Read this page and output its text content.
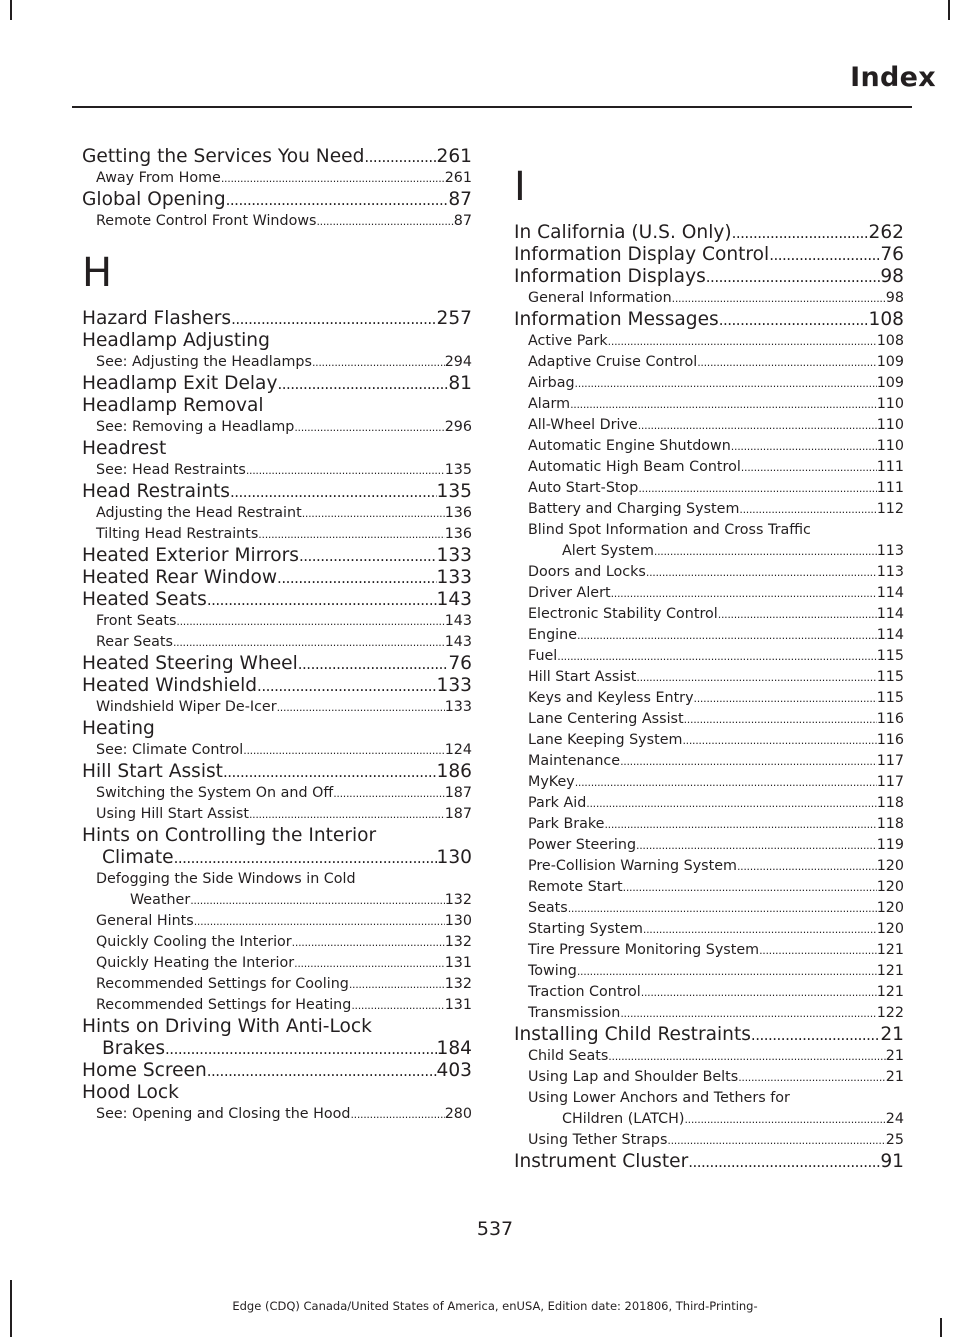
Index
Getting the Services You Need .....	261
Away From Home .....	261
Global Opening .....	87
Remote Control Front Windows .....	87
H
Hazard Flashers .....	257
Headlamp Adjusting
See: Adjusting the Headlamps .....	294
Headlamp Exit Delay .....	81
Headlamp Removal
See: Removing a Headlamp .....	296
Headrest
See: Head Restraints .....	135
Head Restraints .....	135
Adjusting the Head Restraint .....	136
Tilting Head Restraints .....	136
Heated Exterior Mirrors .....	133
Heated Rear Window .....	133
Heated Seats .....	143
Front Seats .....	143
Rear Seats .....	143
Heated Steering Wheel .....	76
Heated Windshield .....	133
Windshield Wiper De-Icer .....	133
Heating
See: Climate Control .....	124
Hill Start Assist .....	186
Switching the System On and Off .....	187
Using Hill Start Assist .....	187
Hints on Controlling the Interior
Climate .....	130
Defogging the Side Windows in Cold
Weather .....	132
General Hints .....	130
Quickly Cooling the Interior .....	132
Quickly Heating the Interior .....	131
Recommended Settings for Cooling .....	132
Recommended Settings for Heating .....	131
Hints on Driving With Anti-Lock
Brakes .....	184
Home Screen .....	403
Hood Lock
See: Opening and Closing the Hood .....	280
I
In California (U.S. Only) .....	262
Information Display Control .....	76
Information Displays .....	98
General Information .....	98
Information Messages .....	108
Active Park .....	108
Adaptive Cruise Control .....	109
Airbag .....	109
Alarm .....	110
All-Wheel Drive .....	110
Automatic Engine Shutdown .....	110
Automatic High Beam Control .....	111
Auto Start-Stop .....	111
Battery and Charging System .....	112
Blind Spot Information and Cross Traffic
Alert System .....	113
Doors and Locks .....	113
Driver Alert .....	114
Electronic Stability Control .....	114
Engine .....	114
Fuel .....	115
Hill Start Assist .....	115
Keys and Keyless Entry .....	115
Lane Centering Assist .....	116
Lane Keeping System .....	116
Maintenance .....	117
MyKey .....	117
Park Aid .....	118
Park Brake .....	118
Power Steering .....	119
Pre-Collision Warning System .....	120
Remote Start .....	120
Seats .....	120
Starting System .....	120
Tire Pressure Monitoring System .....	121
Towing .....	121
Traction Control .....	121
Transmission .....	122
Installing Child Restraints .....	21
Child Seats .....	21
Using Lap and Shoulder Belts .....	21
Using Lower Anchors and Tethers for
CHildren (LATCH) .....	24
Using Tether Straps .....	25
Instrument Cluster .....	91
537
Edge (CDQ) Canada/United States of America, enUSA, Edition date: 201806, Third-Printing-
